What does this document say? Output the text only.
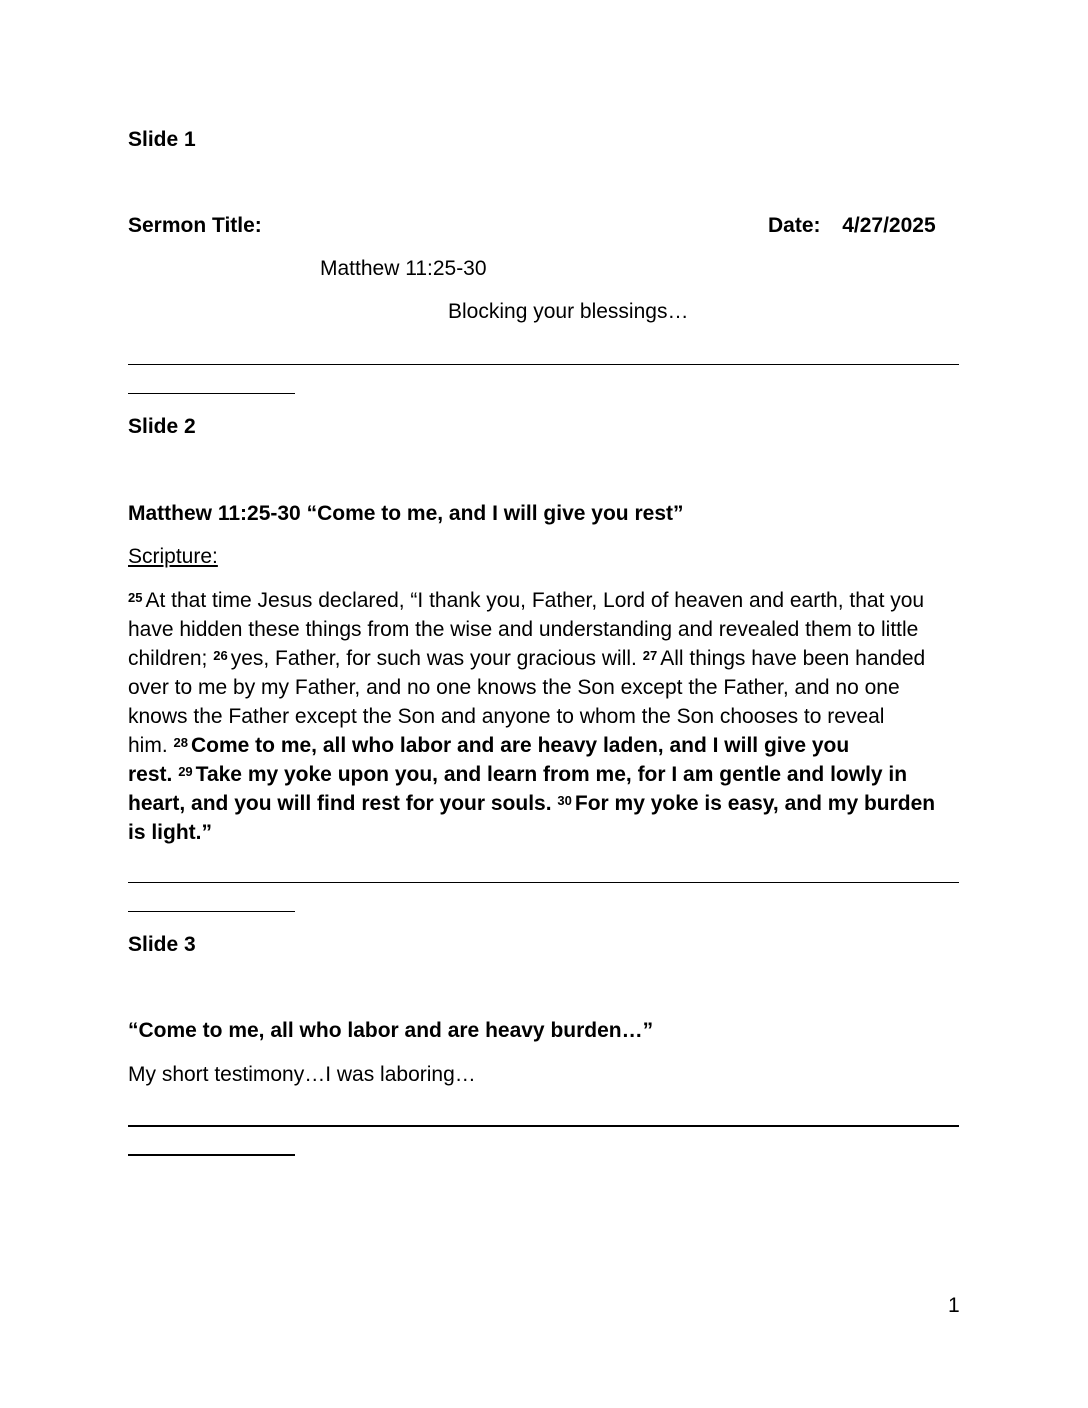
Slide 1
Sermon Title:	Date: 4/27/2025
Matthew 11:25-30
Blocking your blessings…
Slide 2
Matthew 11:25-30 “Come to me, and I will give you rest”
Scripture:
$^{25}$ At that time Jesus declared, “I thank you, Father, Lord of heaven and earth, that you
have hidden these things from the wise and understanding and revealed them to little
children; $^{26}$ yes, Father, for such was your gracious will. $^{27}$ All things have been handed
over to me by my Father, and no one knows the Son except the Father, and no one
knows the Father except the Son and anyone to whom the Son chooses to reveal
him. $^{28}$ Come to me, all who labor and are heavy laden, and I will give you
rest. $^{29}$ Take my yoke upon you, and learn from me, for I am gentle and lowly in
heart, and you will find rest for your souls. $^{30}$ For my yoke is easy, and my burden
is light.”
Slide 3
“Come to me, all who labor and are heavy burden…”
My short testimony…I was laboring…
1
